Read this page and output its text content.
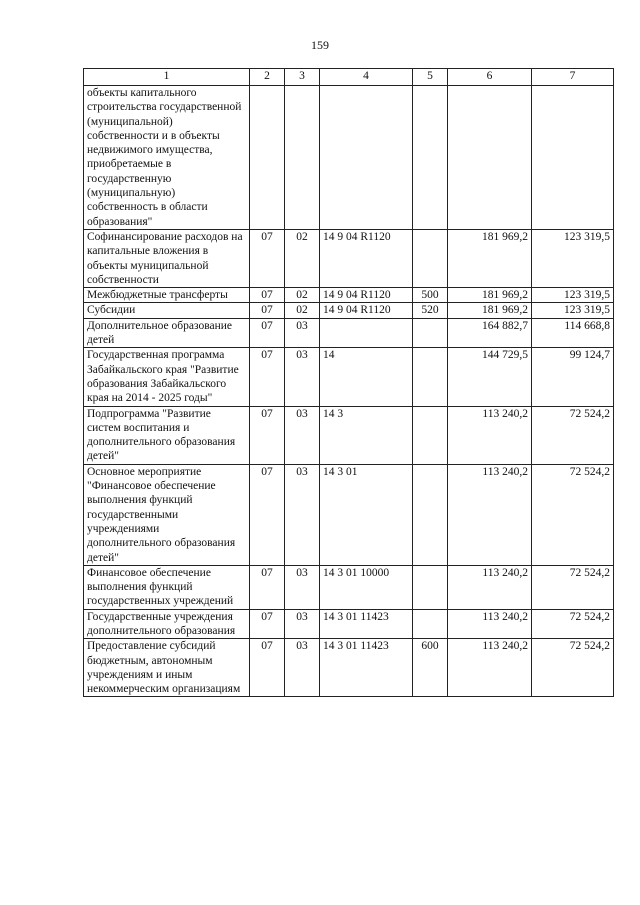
159
1	2	3	4	5	6	7
объекты капитального строительства государственной (муниципальной) собственности и в объекты недвижимого имущества, приобретаемые в государственную (муниципальную) собственность в области образования"						
Софинансирование расходов на капитальные вложения в объекты муниципальной собственности	07	02	14 9 04 R1120		181 969,2	123 319,5
Межбюджетные трансферты	07	02	14 9 04 R1120	500	181 969,2	123 319,5
Субсидии	07	02	14 9 04 R1120	520	181 969,2	123 319,5
Дополнительное образование детей	07	03			164 882,7	114 668,8
Государственная программа Забайкальского края "Развитие образования Забайкальского края на 2014 - 2025 годы"	07	03	14		144 729,5	99 124,7
Подпрограмма "Развитие систем воспитания и дополнительного образования детей"	07	03	14 3		113 240,2	72 524,2
Основное мероприятие "Финансовое обеспечение выполнения функций государственными учреждениями дополнительного образования детей"	07	03	14 3 01		113 240,2	72 524,2
Финансовое обеспечение выполнения функций государственных учреждений	07	03	14 3 01 10000		113 240,2	72 524,2
Государственные учреждения дополнительного образования	07	03	14 3 01 11423		113 240,2	72 524,2
Предоставление субсидий бюджетным, автономным учреждениям и иным некоммерческим организациям	07	03	14 3 01 11423	600	113 240,2	72 524,2
